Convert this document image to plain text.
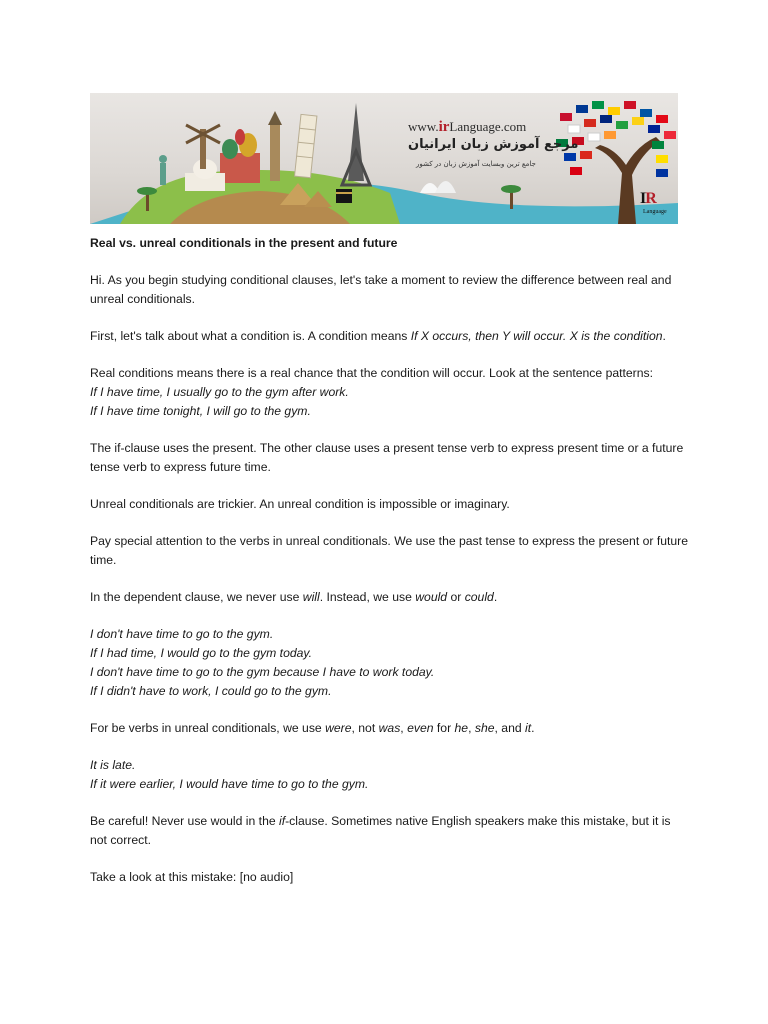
www.irLanguage.com
مرجع آموزش زبان ایرانیان
جامع ترین وبسایت آموزش زبان در کشور
IR
Language

Real vs. unreal conditionals in the present and future

Hi. As you begin studying conditional clauses, let's take a moment to review the difference between real and unreal conditionals.

First, let's talk about what a condition is. A condition means If X occurs, then Y will occur. X is the condition.

Real conditions means there is a real chance that the condition will occur. Look at the sentence patterns:

If I have time, I usually go to the gym after work.

If I have time tonight, I will go to the gym.

The if-clause uses the present. The other clause uses a present tense verb to express present time or a future tense verb to express future time.

Unreal conditionals are trickier. An unreal condition is impossible or imaginary.

Pay special attention to the verbs in unreal conditionals. We use the past tense to express the present or future time.

In the dependent clause, we never use will. Instead, we use would or could.

I don't have time to go to the gym.

If I had time, I would go to the gym today.

I don't have time to go to the gym because I have to work today.

If I didn't have to work, I could go to the gym.

For be verbs in unreal conditionals, we use were, not was, even for he, she, and it.

It is late.

If it were earlier, I would have time to go to the gym.

Be careful! Never use would in the if-clause. Sometimes native English speakers make this mistake, but it is not correct.

Take a look at this mistake: [no audio]
